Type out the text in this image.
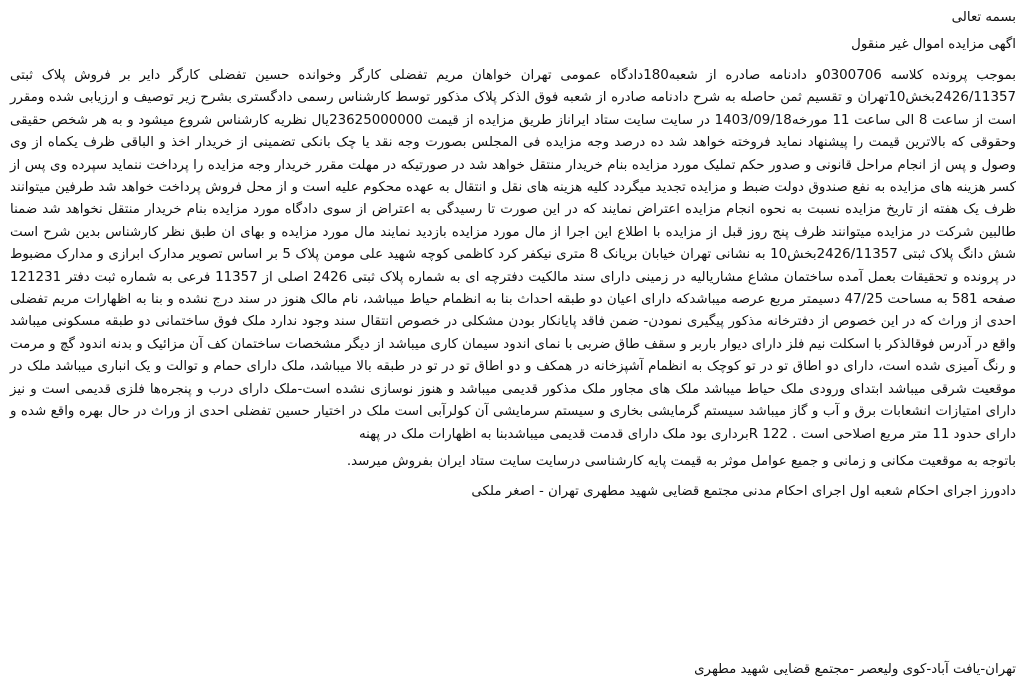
بسمه تعالی
اگهی مزایده اموال غیر منقول
بموجب پرونده کلاسه 0300706و دادنامه صادره از شعبه180دادگاه عمومی تهران خواهان مریم تفضلی کارگر وخوانده حسین تفضلی کارگر دایر بر فروش پلاک ثبتی 2426/11357بخش10تهران و تقسیم ثمن حاصله به شرح دادنامه صادره از شعبه فوق الذکر پلاک مذکور توسط کارشناس رسمی دادگستری بشرح زیر توصیف و ارزیابی شده ومقرر است از ساعت 8 الی ساعت 11 مورخه1403/09/18 در سایت سایت ستاد ایراناز طریق مزایده از قیمت 23625000000یال نظریه کارشناس شروع میشود و به هر شخص حقیقی وحقوقی که بالاترین قیمت را پیشنهاد نماید فروخته خواهد شد ده درصد وجه مزایده فی المجلس بصورت وجه نقد یا چک بانکی تضمینی از خریدار اخذ و الباقی ظرف یکماه از وی وصول و پس از انجام مراحل قانونی و صدور حکم تملیک مورد مزایده بنام خریدار منتقل خواهد شد در صورتیکه در مهلت مقرر خریدار وجه مزایده را پرداخت ننماید سپرده وی پس از کسر هزینه های مزایده به نفع صندوق دولت ضبط و مزایده تجدید میگردد کلیه هزینه های نقل و انتقال به عهده محکوم علیه است و از محل فروش پرداخت خواهد شد طرفین میتوانند ظرف یک هفته از تاریخ مزایده نسبت به نحوه انجام مزایده اعتراض نمایند که در این صورت تا رسیدگی به اعتراض از سوی دادگاه مورد مزایده بنام خریدار منتقل نخواهد شد ضمنا طالبین شرکت در مزایده میتوانند ظرف پنج روز قبل از مزایده با اطلاع این اجرا از مال مورد مزایده بازدید نمایند مال مورد مزایده و بهای ان طبق نظر کارشناس بدین شرح است شش دانگ پلاک ثبتی 2426/11357بخش10 به نشانی تهران خیابان بریانک 8 متری نیکفر کرد کاظمی کوچه شهید علی مومن پلاک 5 بر اساس تصویر مدارک ابرازی و مدارک مضبوط در پرونده و تحقیقات بعمل آمده ساختمان مشاع مشاریالیه در زمینی دارای سند مالکیت دفترچه ای به شماره پلاک ثبتی 2426 اصلی از 11357 فرعی به شماره ثبت دفتر 121231 صفحه 581 به مساحت 47/25 دسیمتر مربع عرصه میباشدکه دارای اعیان دو طبقه احداث بنا به انظمام حیاط میباشد، نام مالک هنوز در سند درج نشده و بنا به اظهارات مریم تفضلی احدی از وراث که در این خصوص از دفترخانه مذکور پیگیری نمودن- ضمن فاقد پایانکار بودن مشکلی در خصوص انتقال سند وجود ندارد ملک فوق ساختمانی دو طبقه مسکونی میباشد واقع در آدرس فوقالذکر با اسکلت نیم فلز دارای دیوار باربر و سقف طاق ضربی با نمای اندود سیمان کاری میباشد از دیگر مشخصات ساختمان کف آن مزائیک و بدنه اندود گچ و مرمت و رنگ آمیزی شده است، دارای دو اطاق تو در تو کوچک به انظمام آشپزخانه در همکف و دو اطاق تو در تو در طبقه بالا میباشد، ملک دارای حمام و توالت و یک انباری میباشد ملک در موقعیت شرقی میباشد ابتدای ورودی ملک حیاط میباشد ملک های مجاور ملک مذکور قدیمی میباشد و هنوز نوسازی نشده است-ملک دارای درب و پنجره‌ها فلزی قدیمی است و نیز دارای امتیازات انشعابات برق و آب و گاز میباشد سیستم گرمایشی بخاری و سیستم سرمایشی آن کولرآبی است ملک در اختیار حسین تفضلی احدی از وراث در حال بهره واقع شده و دارای حدود 11 متر مربع اصلاحی است . 122 Rبرداری بود ملک دارای قدمت قدیمی میباشدبنا به اظهارات ملک در پهنه
باتوجه به موقعیت مکانی و زمانی و جمیع عوامل موثر به قیمت پایه کارشناسی درسایت سایت ستاد ایران بفروش میرسد.
دادورز اجرای احکام شعبه اول اجرای احکام مدنی مجتمع قضایی شهید مطهری تهران - اصغر ملکی
تهران-یافت آباد-کوی ولیعصر -مجتمع قضایی شهید مطهری
